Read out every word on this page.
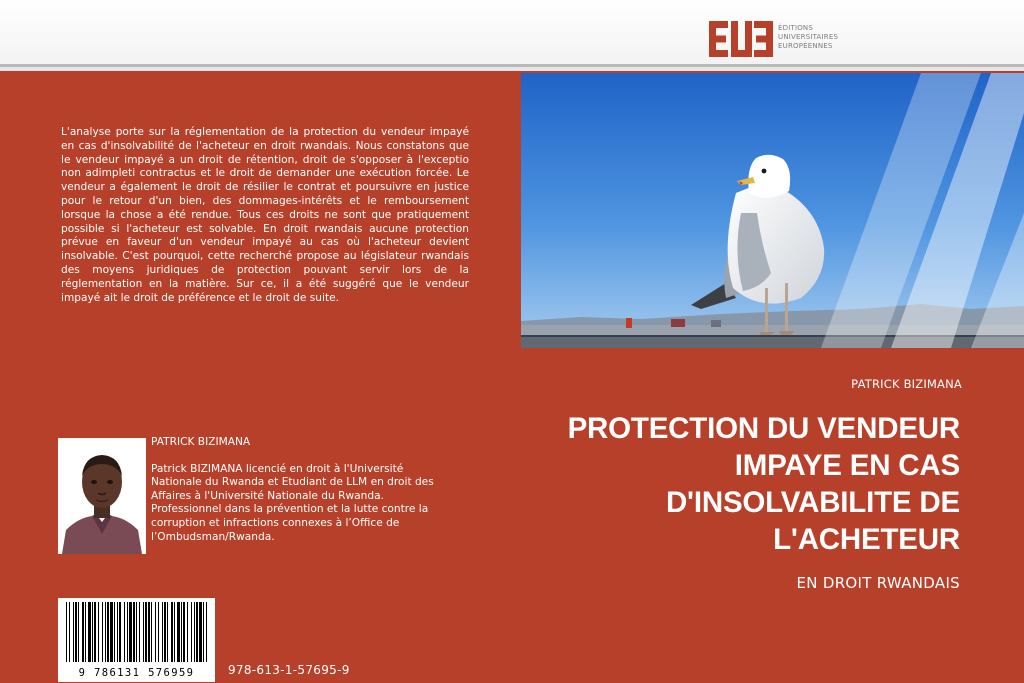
ÉDITIONS
UNIVERSITAIRES
EUROPÉENNES
L'analyse porte sur la réglementation de la protection du vendeur impayé en cas d'insolvabilité de l'acheteur en droit rwandais. Nous constatons que le vendeur impayé a un droit de rétention, droit de s'opposer à l'exceptio non adimpleti contractus et le droit de demander une exécution forcée. Le vendeur a également le droit de résilier le contrat et poursuivre en justice pour le retour d'un bien, des dommages-intérêts et le remboursement lorsque la chose a été rendue. Tous ces droits ne sont que pratiquement possible si l'acheteur est solvable. En droit rwandais aucune protection prévue en faveur d'un vendeur impayé au cas où l'acheteur devient insolvable. C'est pourquoi, cette recherché propose au législateur rwandais des moyens juridiques de protection pouvant servir lors de la réglementation en la matière. Sur ce, il a été suggéré que le vendeur impayé ait le droit de préférence et le droit de suite.
PATRICK BIZIMANA
PROTECTION DU VENDEUR
IMPAYE EN CAS
D'INSOLVABILITE DE
L'ACHETEUR
EN DROIT RWANDAIS
PATRICK BIZIMANA
Patrick BIZIMANA licencié en droit à l'Université Nationale du Rwanda et Etudiant de LLM en droit des Affaires à l'Université Nationale du Rwanda. Professionnel dans la prévention et la lutte contre la corruption et infractions connexes à l’Office de l’Ombudsman/Rwanda.
9 786131 576959	978-613-1-57695-9
